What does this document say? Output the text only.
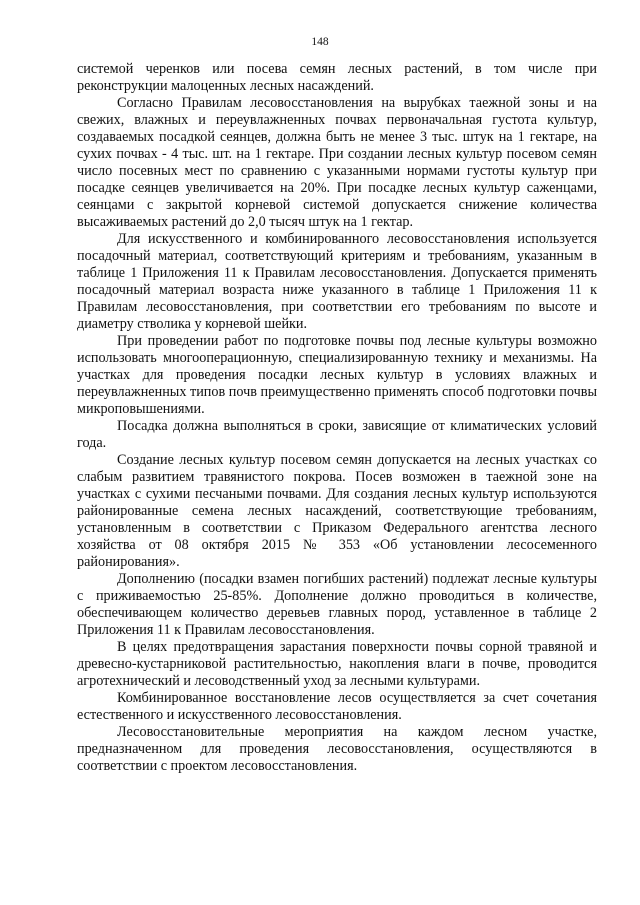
148

системой черенков или посева семян лесных растений, в том числе при реконструкции малоценных лесных насаждений.

Согласно Правилам лесовосстановления на вырубках таежной зоны и на свежих, влажных и переувлажненных почвах первоначальная густота культур, создаваемых посадкой сеянцев, должна быть не менее 3 тыс. штук на 1 гектаре, на сухих почвах - 4 тыс. шт. на 1 гектаре. При создании лесных культур посевом семян число посевных мест по сравнению с указанными нормами густоты культур при посадке сеянцев увеличивается на 20%. При посадке лесных культур саженцами, сеянцами с закрытой корневой системой допускается снижение количества высаживаемых растений до 2,0 тысяч штук на 1 гектар.

Для искусственного и комбинированного лесовосстановления используется посадочный материал, соответствующий критериям и требованиям, указанным в таблице 1 Приложения 11 к Правилам лесовосстановления. Допускается применять посадочный материал возраста ниже указанного в таблице 1 Приложения 11 к Правилам лесовосстановления, при соответствии его требованиям по высоте и диаметру стволика у корневой шейки.

При проведении работ по подготовке почвы под лесные культуры возможно использовать многооперационную, специализированную технику и механизмы. На участках для проведения посадки лесных культур в условиях влажных и переувлажненных типов почв преимущественно применять способ подготовки почвы микроповышениями.

Посадка должна выполняться в сроки, зависящие от климатических условий года.

Создание лесных культур посевом семян допускается на лесных участках со слабым развитием травянистого покрова. Посев возможен в таежной зоне на участках с сухими песчаными почвами. Для создания лесных культур используются районированные семена лесных насаждений, соответствующие требованиям, установленным в соответствии с Приказом Федерального агентства лесного хозяйства от 08 октября 2015 № 353 «Об установлении лесосеменного районирования».

Дополнению (посадки взамен погибших растений) подлежат лесные культуры с приживаемостью 25-85%. Дополнение должно проводиться в количестве, обеспечивающем количество деревьев главных пород, уставленное в таблице 2 Приложения 11 к Правилам лесовосстановления.

В целях предотвращения зарастания поверхности почвы сорной травяной и древесно-кустарниковой растительностью, накопления влаги в почве, проводится агротехнический и лесоводственный уход за лесными культурами.

Комбинированное восстановление лесов осуществляется за счет сочетания естественного и искусственного лесовосстановления.

Лесовосстановительные мероприятия на каждом лесном участке, предназначенном для проведения лесовосстановления, осуществляются в соответствии с проектом лесовосстановления.
